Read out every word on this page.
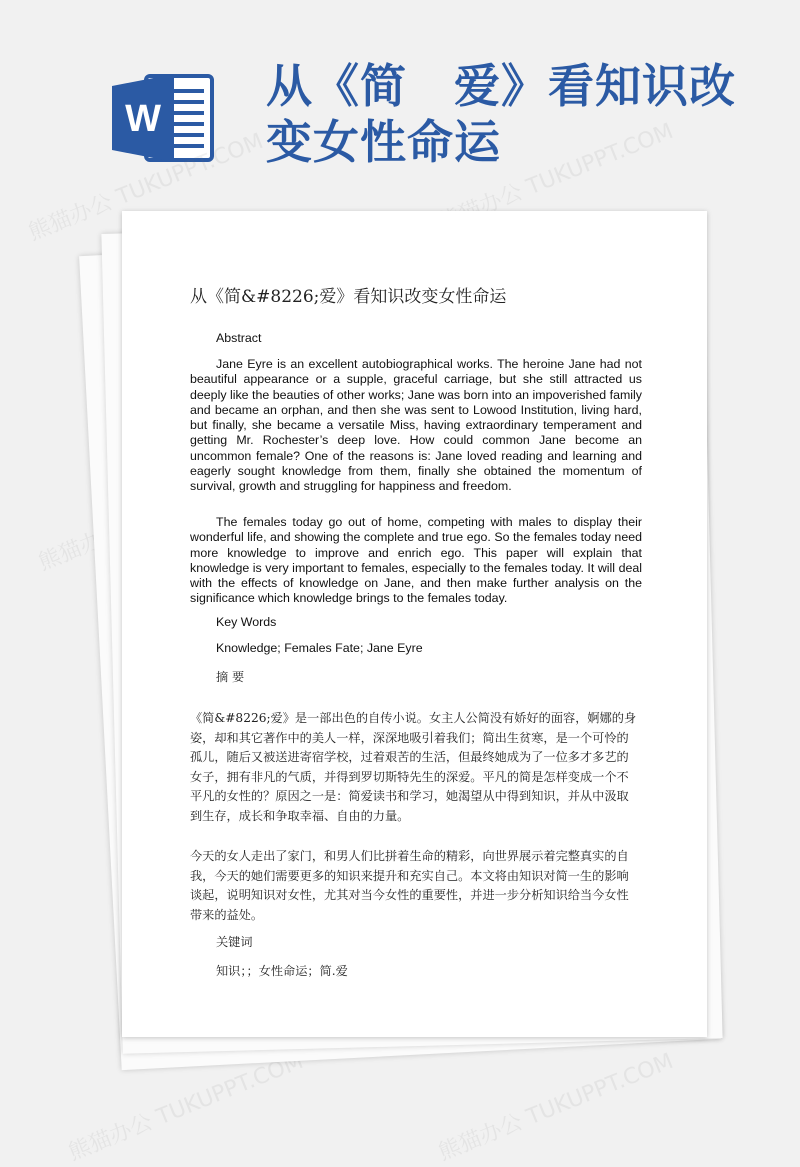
W
从《简　爱》看知识改
变女性命运
熊猫办公 TUKUPPT.COM	熊猫办公 TUKUPPT.COM
熊猫办公
熊猫办公 TUKUPPT.COM	熊猫办公 TUKUPPT.COM
从《简&#8226;爱》看知识改变女性命运
Abstract
Jane Eyre is an excellent autobiographical works. The heroine Jane had not beautiful appearance or a supple, graceful carriage, but she still attracted us deeply like the beauties of other works; Jane was born into an impoverished family and became an orphan, and then she was sent to Lowood Institution, living hard, but finally, she became a versatile Miss, having extraordinary temperament and getting Mr. Rochester’s deep love. How could common Jane become an uncommon female? One of the reasons is: Jane loved reading and learning and eagerly sought knowledge from them, finally she obtained the momentum of survival, growth and struggling for happiness and freedom.
The females today go out of home, competing with males to display their wonderful life, and showing the complete and true ego. So the females today need more knowledge to improve and enrich ego. This paper will explain that knowledge is very important to females, especially to the females today. It will deal with the effects of knowledge on Jane, and then make further analysis on the significance which knowledge brings to the females today.
Key Words
Knowledge; Females Fate; Jane Eyre
摘 要
《简&#8226;爱》是一部出色的自传小说。女主人公简没有娇好的面容，婀娜的身姿，却和其它著作中的美人一样，深深地吸引着我们；简出生贫寒，是一个可怜的孤儿，随后又被送进寄宿学校，过着艰苦的生活，但最终她成为了一位多才多艺的女子，拥有非凡的气质，并得到罗切斯特先生的深爱。平凡的简是怎样变成一个不平凡的女性的？原因之一是：简爱读书和学习，她渴望从中得到知识，并从中汲取到生存，成长和争取幸福、自由的力量。
今天的女人走出了家门，和男人们比拼着生命的精彩，向世界展示着完整真实的自我，今天的她们需要更多的知识来提升和充实自己。本文将由知识对简一生的影响谈起，说明知识对女性，尤其对当今女性的重要性，并进一步分析知识给当今女性带来的益处。
关键词
知识；；女性命运；简.爱
